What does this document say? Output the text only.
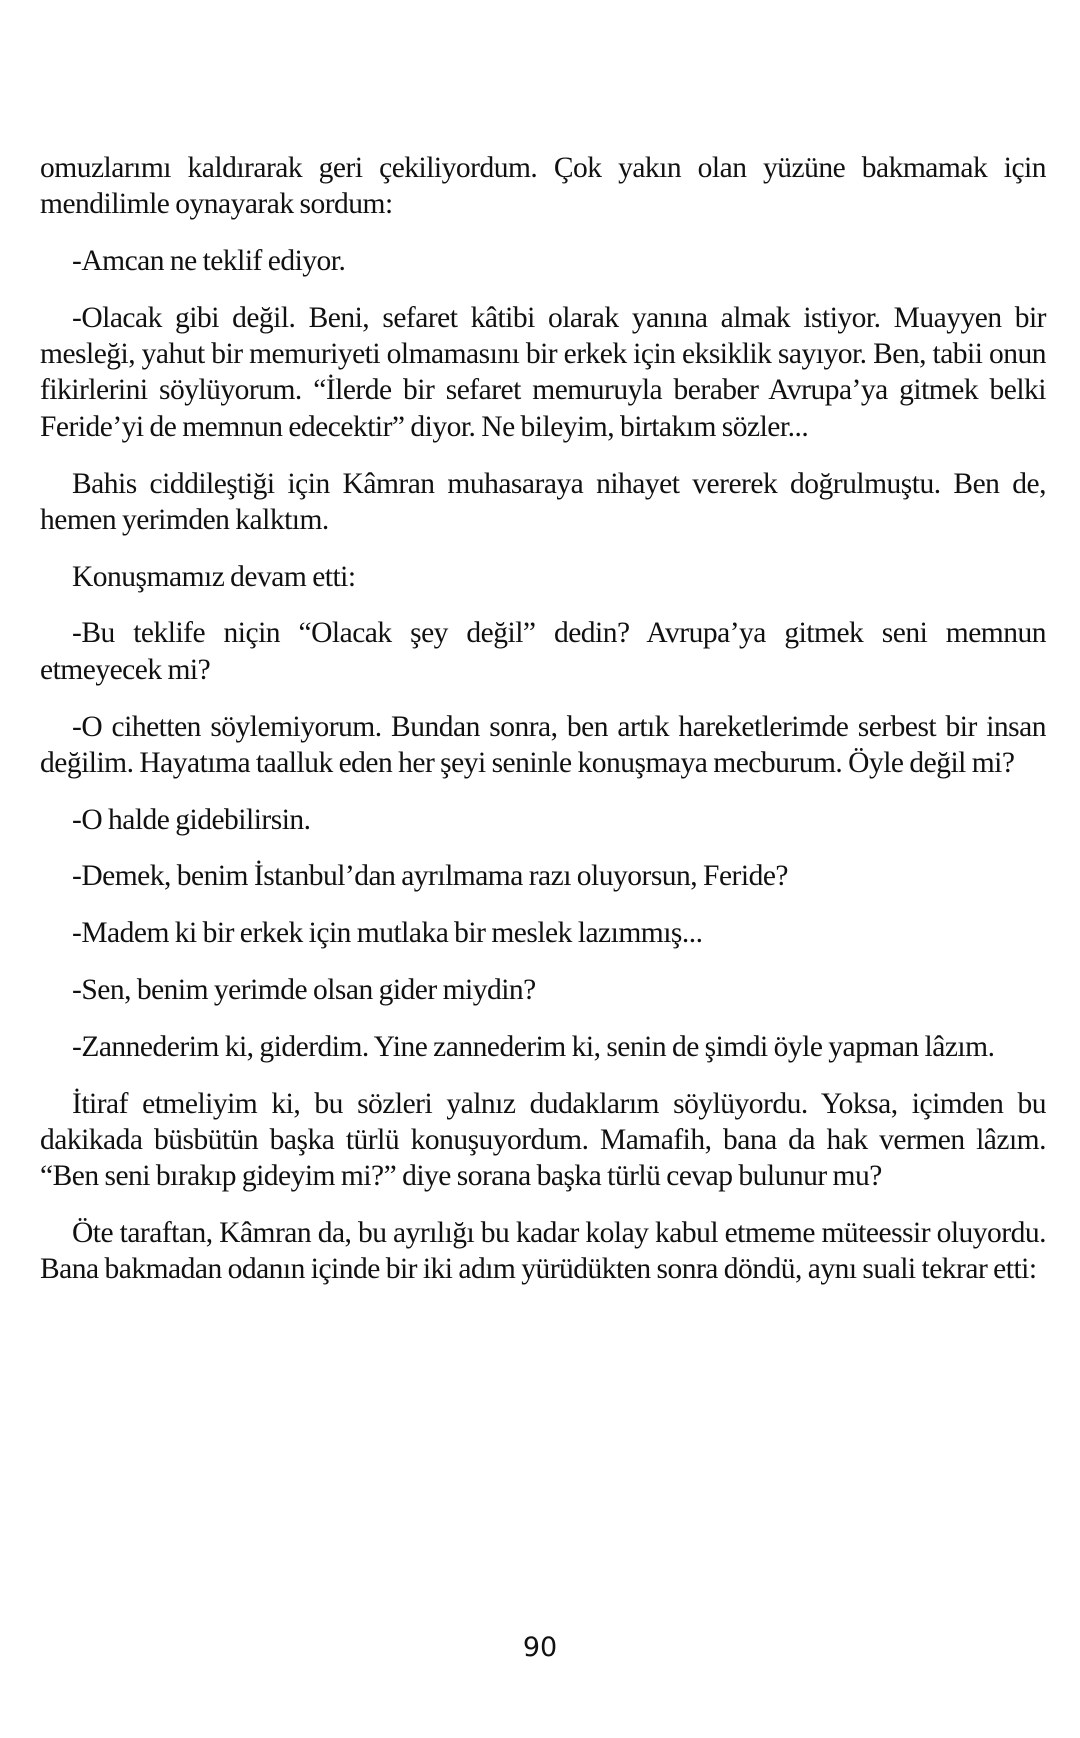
omuzlarımı kaldırarak geri çekiliyordum. Çok yakın olan yüzüne bakmamak için mendilimle oynayarak sordum:

-Amcan ne teklif ediyor.

-Olacak gibi değil. Beni, sefaret kâtibi olarak yanına almak istiyor. Muayyen bir mesleği, yahut bir memuriyeti olmamasını bir erkek için eksiklik sayıyor. Ben, tabii onun fikirlerini söylüyorum. “İlerde bir sefaret memuruyla beraber Avrupa’ya gitmek belki Feride’yi de memnun edecektir” diyor. Ne bileyim, birtakım sözler...

Bahis ciddileştiği için Kâmran muhasaraya nihayet vererek doğrulmuştu. Ben de, hemen yerimden kalktım.

Konuşmamız devam etti:

-Bu teklife niçin “Olacak şey değil” dedin? Avrupa’ya gitmek seni memnun etmeyecek mi?

-O cihetten söylemiyorum. Bundan sonra, ben artık hareketlerimde serbest bir insan değilim. Hayatıma taalluk eden her şeyi seninle konuşmaya mecburum. Öyle değil mi?

-O halde gidebilirsin.

-Demek, benim İstanbul’dan ayrılmama razı oluyorsun, Feride?

-Madem ki bir erkek için mutlaka bir meslek lazımmış...

-Sen, benim yerimde olsan gider miydin?

-Zannederim ki, giderdim. Yine zannederim ki, senin de şimdi öyle yapman lâzım.

İtiraf etmeliyim ki, bu sözleri yalnız dudaklarım söylüyordu. Yoksa, içimden bu dakikada büsbütün başka türlü konuşuyordum. Mamafih, bana da hak vermen lâzım. “Ben seni bırakıp gideyim mi?” diye sorana başka türlü cevap bulunur mu?

Öte taraftan, Kâmran da, bu ayrılığı bu kadar kolay kabul etmeme müteessir oluyordu. Bana bakmadan odanın içinde bir iki adım yürüdükten sonra döndü, aynı suali tekrar etti:

90
